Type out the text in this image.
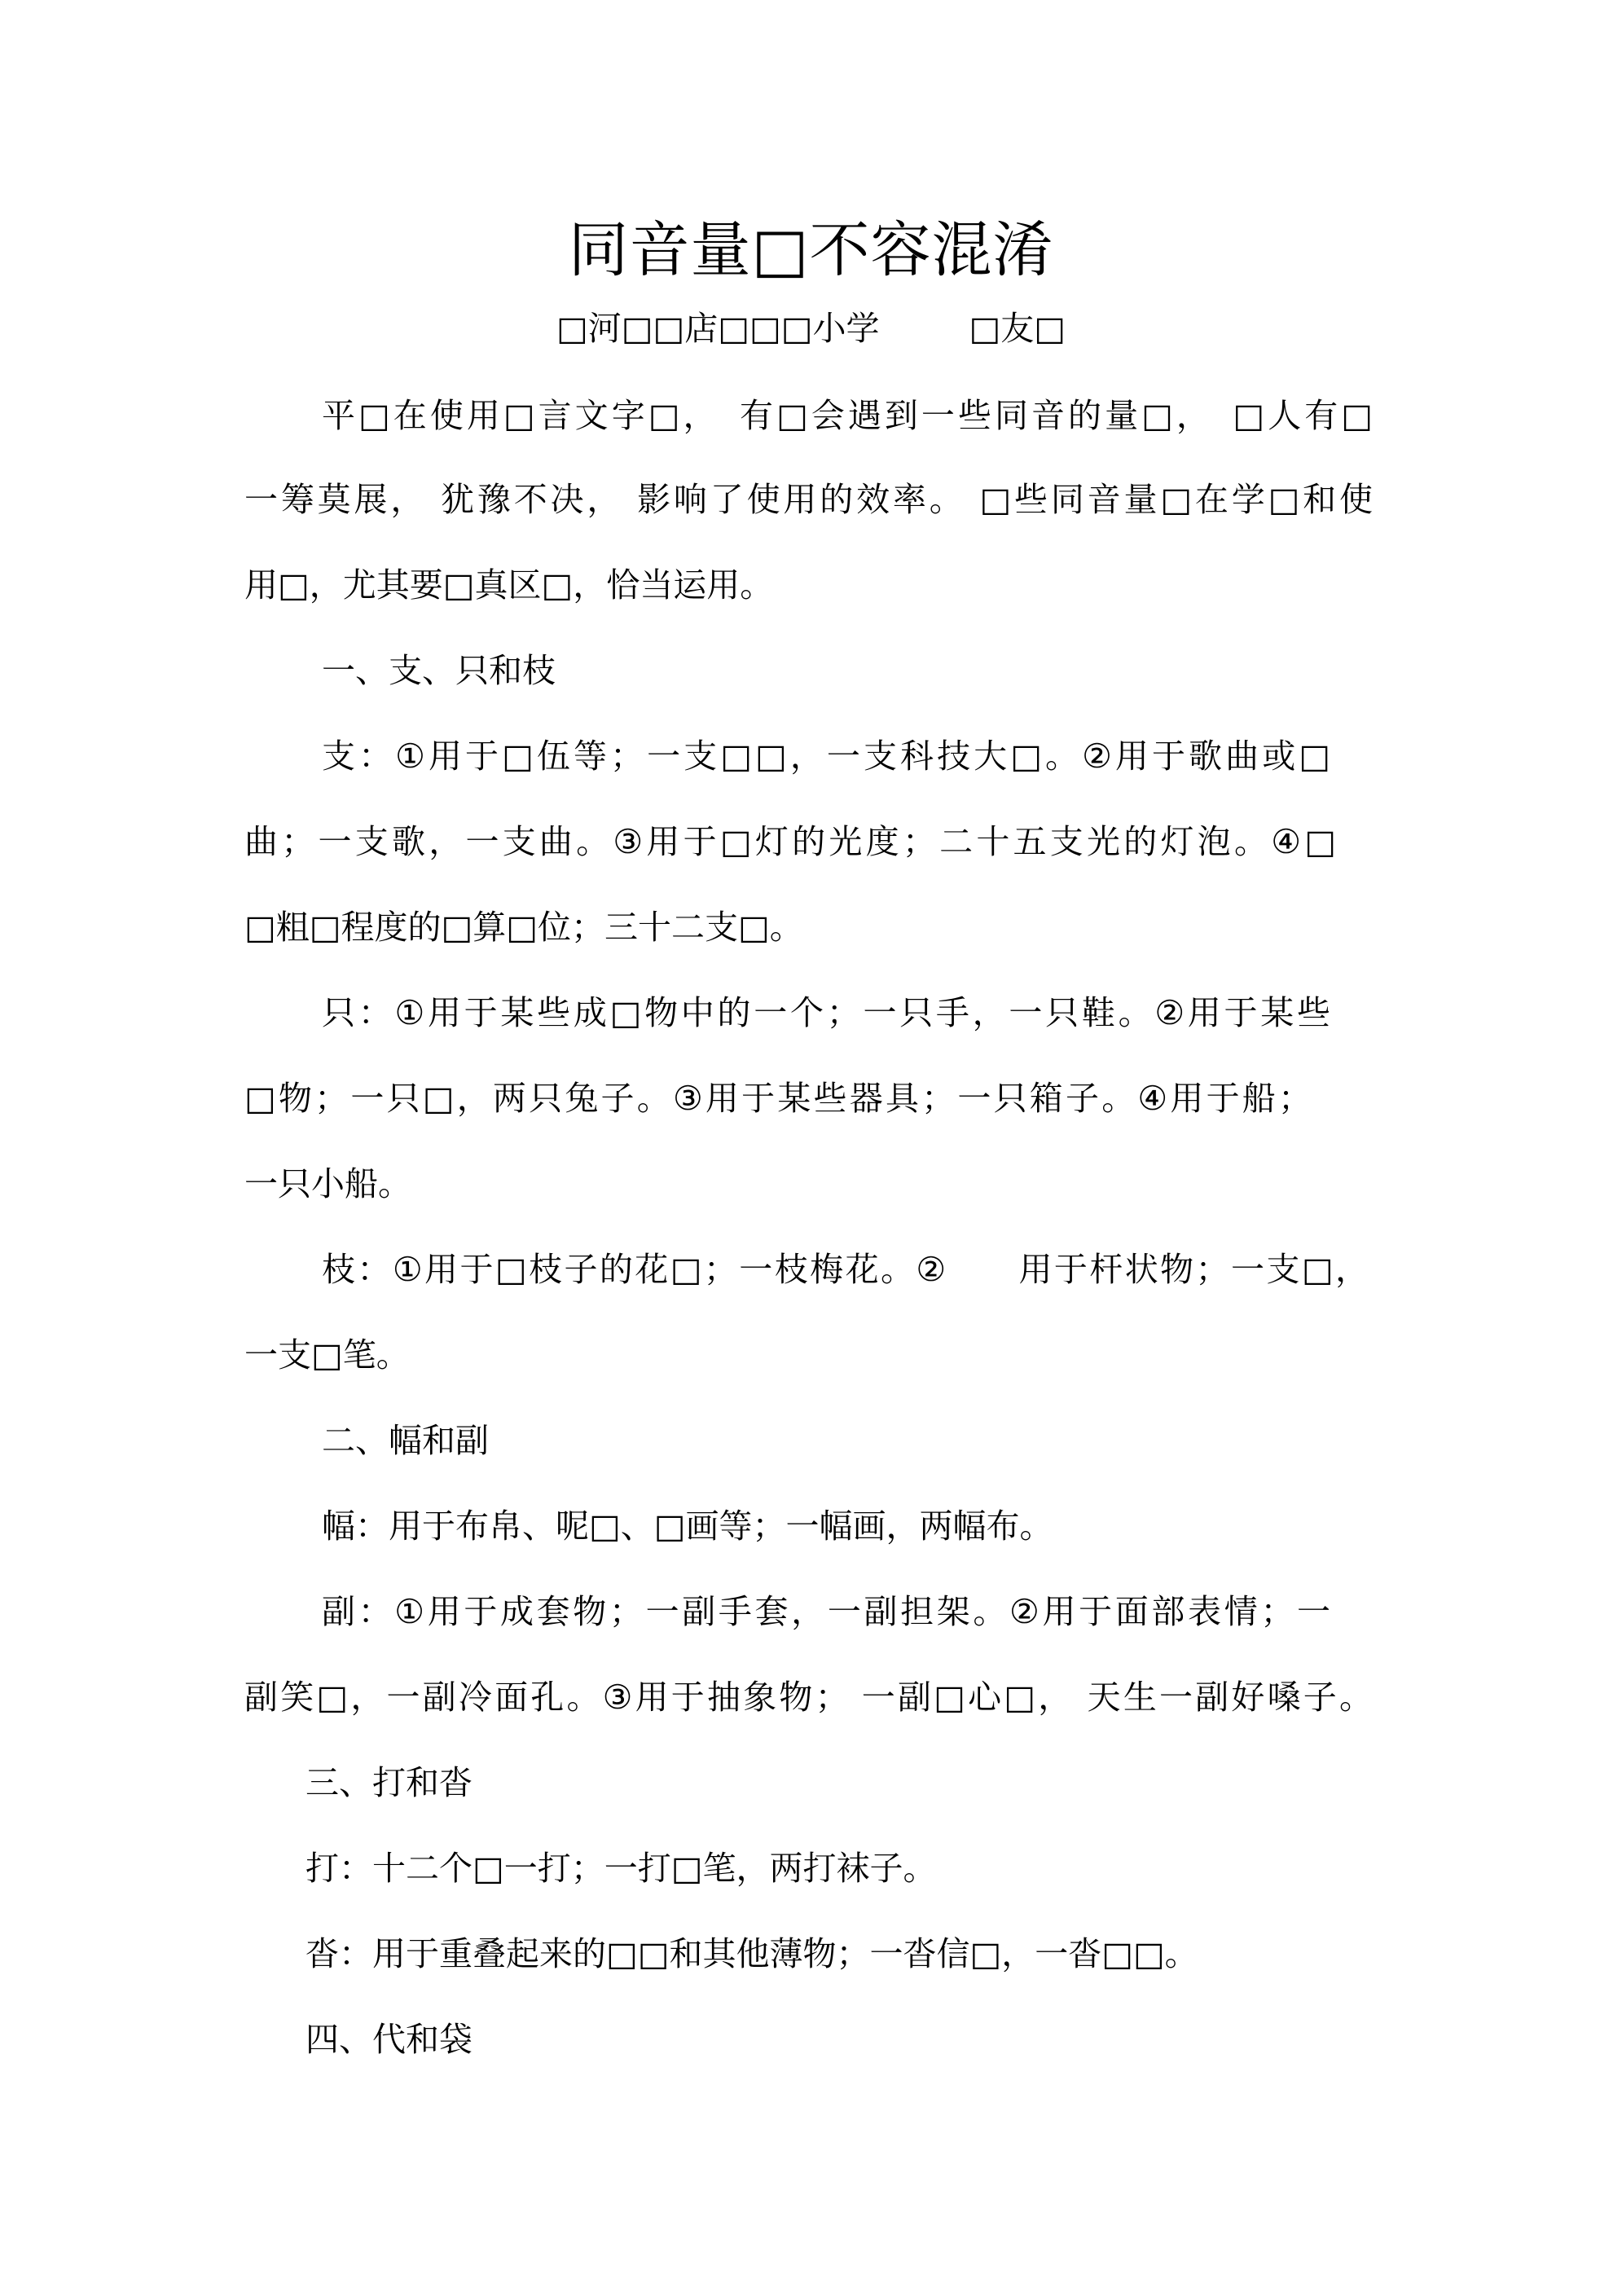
同音量□不容混淆
□河□□店□□□小学	□友□
平□在使用□言文字□，　有□会遇到一些同音的量□，　□人有□
一筹莫展， 犹豫不决， 影响了使用的效率。 □些同音量□在学□和使
用□，尤其要□真区□，恰当运用。
一、支、只和枝
支：①用于□伍等；一支□□，一支科技大□。②用于歌曲或□
曲；一支歌，一支曲。③用于□灯的光度；二十五支光的灯泡。④□
□粗□程度的□算□位；三十二支□。
只：①用于某些成□物中的一个；一只手，一只鞋。②用于某些
□物；一只□，两只兔子。③用于某些器具；一只箱子。④用于船；
一只小船。
枝：①用于□枝子的花□；一枝梅花。②　　用于杆状物；一支□，
一支□笔。
二、幅和副
幅：用于布帛、呢□、□画等；一幅画，两幅布。
副：①用于成套物；一副手套，一副担架。②用于面部表情；一
副笑□，一副冷面孔。③用于抽象物； 一副□心□， 天生一副好嗓子。
三、打和沓
打：十二个□一打；一打□笔，两打袜子。
沓：用于重叠起来的□□和其他薄物；一沓信□，一沓□□。
四、代和袋
